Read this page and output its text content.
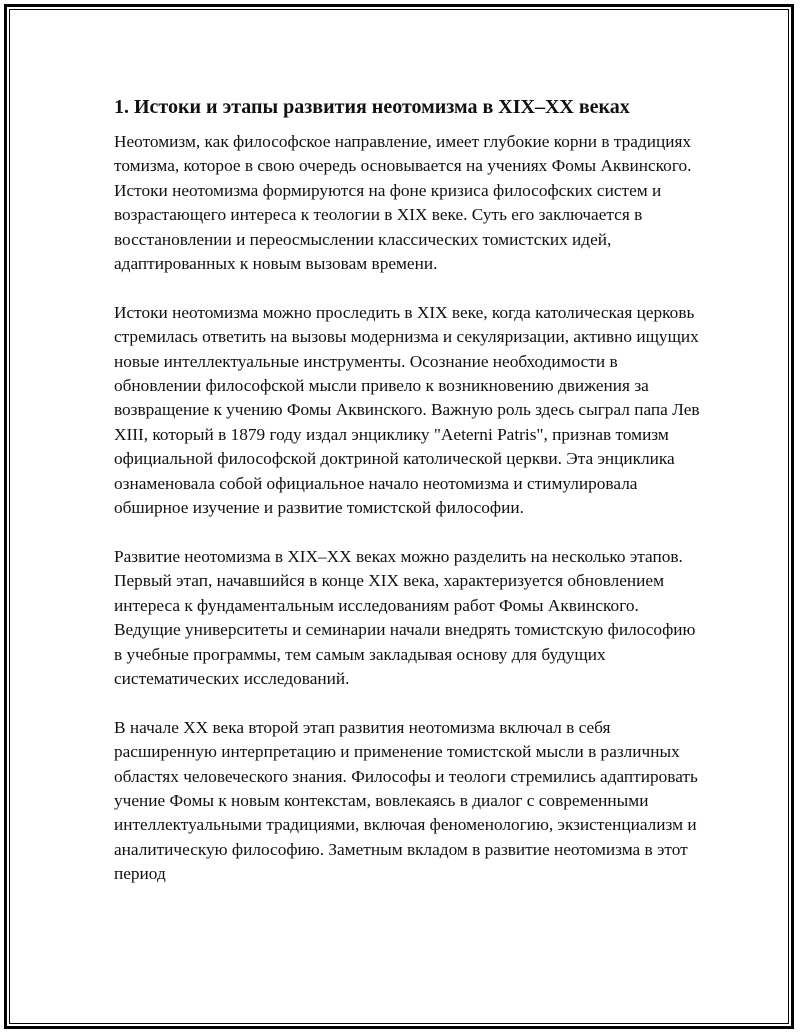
1. Истоки и этапы развития неотомизма в XIX–XX веках

Неотомизм, как философское направление, имеет глубокие корни в традициях томизма, которое в свою очередь основывается на учениях Фомы Аквинского. Истоки неотомизма формируются на фоне кризиса философских систем и возрастающего интереса к теологии в XIX веке. Суть его заключается в восстановлении и переосмыслении классических томистских идей, адаптированных к новым вызовам времени.

Истоки неотомизма можно проследить в XIX веке, когда католическая церковь стремилась ответить на вызовы модернизма и секуляризации, активно ищущих новые интеллектуальные инструменты. Осознание необходимости в обновлении философской мысли привело к возникновению движения за возвращение к учению Фомы Аквинского. Важную роль здесь сыграл папа Лев XIII, который в 1879 году издал энциклику "Aeterni Patris", признав томизм официальной философской доктриной католической церкви. Эта энциклика ознаменовала собой официальное начало неотомизма и стимулировала обширное изучение и развитие томистской философии.

Развитие неотомизма в XIX–XX веках можно разделить на несколько этапов. Первый этап, начавшийся в конце XIX века, характеризуется обновлением интереса к фундаментальным исследованиям работ Фомы Аквинского. Ведущие университеты и семинарии начали внедрять томистскую философию в учебные программы, тем самым закладывая основу для будущих систематических исследований.

В начале XX века второй этап развития неотомизма включал в себя расширенную интерпретацию и применение томистской мысли в различных областях человеческого знания. Философы и теологи стремились адаптировать учение Фомы к новым контекстам, вовлекаясь в диалог с современными интеллектуальными традициями, включая феноменологию, экзистенциализм и аналитическую философию. Заметным вкладом в развитие неотомизма в этот период
